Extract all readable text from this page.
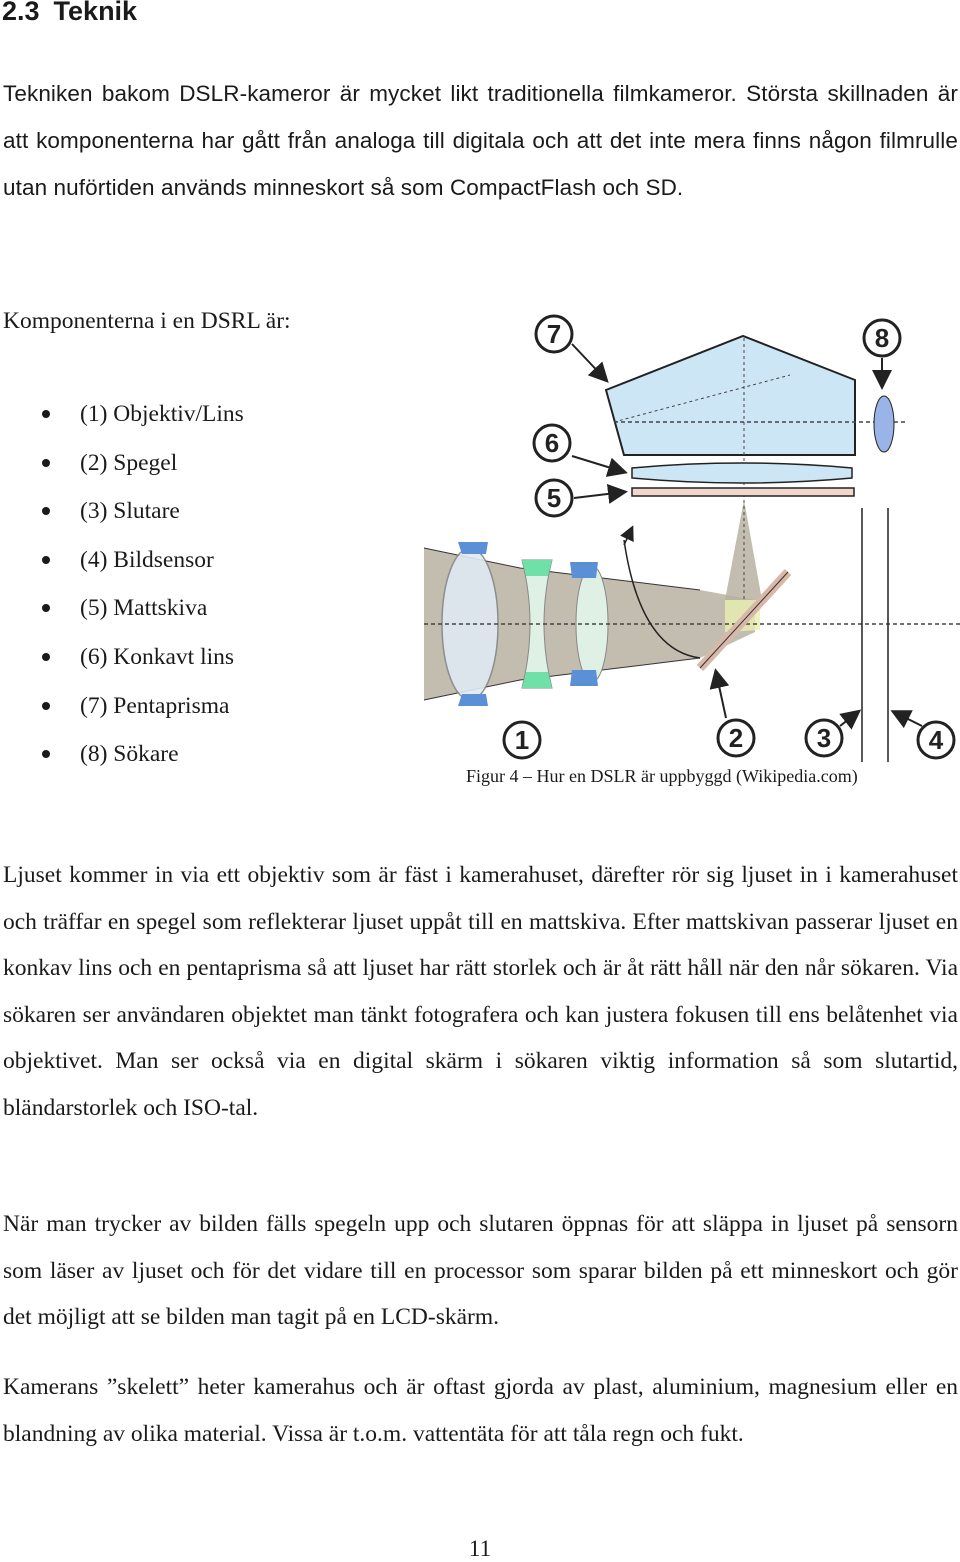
2.3 Teknik

Tekniken bakom DSLR-kameror är mycket likt traditionella filmkameror. Största skillnaden är att komponenterna har gått från analoga till digitala och att det inte mera finns någon filmrulle utan nuförtiden används minneskort så som CompactFlash och SD.

Komponenterna i en DSRL är:

(1) Objektiv/Lins
(2) Spegel
(3) Slutare
(4) Bildsensor
(5) Mattskiva
(6) Konkavt lins
(7) Pentaprisma
(8) Sökare
7	8
6
5
1	2	3	4

Figur 4 – Hur en DSLR är uppbyggd (Wikipedia.com)

Ljuset kommer in via ett objektiv som är fäst i kamerahuset, därefter rör sig ljuset in i kamerahuset och träffar en spegel som reflekterar ljuset uppåt till en mattskiva. Efter mattskivan passerar ljuset en konkav lins och en pentaprisma så att ljuset har rätt storlek och är åt rätt håll när den når sökaren. Via sökaren ser användaren objektet man tänkt fotografera och kan justera fokusen till ens belåtenhet via objektivet. Man ser också via en digital skärm i sökaren viktig information så som slutartid, bländarstorlek och ISO-tal.

När man trycker av bilden fälls spegeln upp och slutaren öppnas för att släppa in ljuset på sensorn som läser av ljuset och för det vidare till en processor som sparar bilden på ett minneskort och gör det möjligt att se bilden man tagit på en LCD-skärm.

Kamerans ”skelett” heter kamerahus och är oftast gjorda av plast, aluminium, magnesium eller en blandning av olika material. Vissa är t.o.m. vattentäta för att tåla regn och fukt.

11
